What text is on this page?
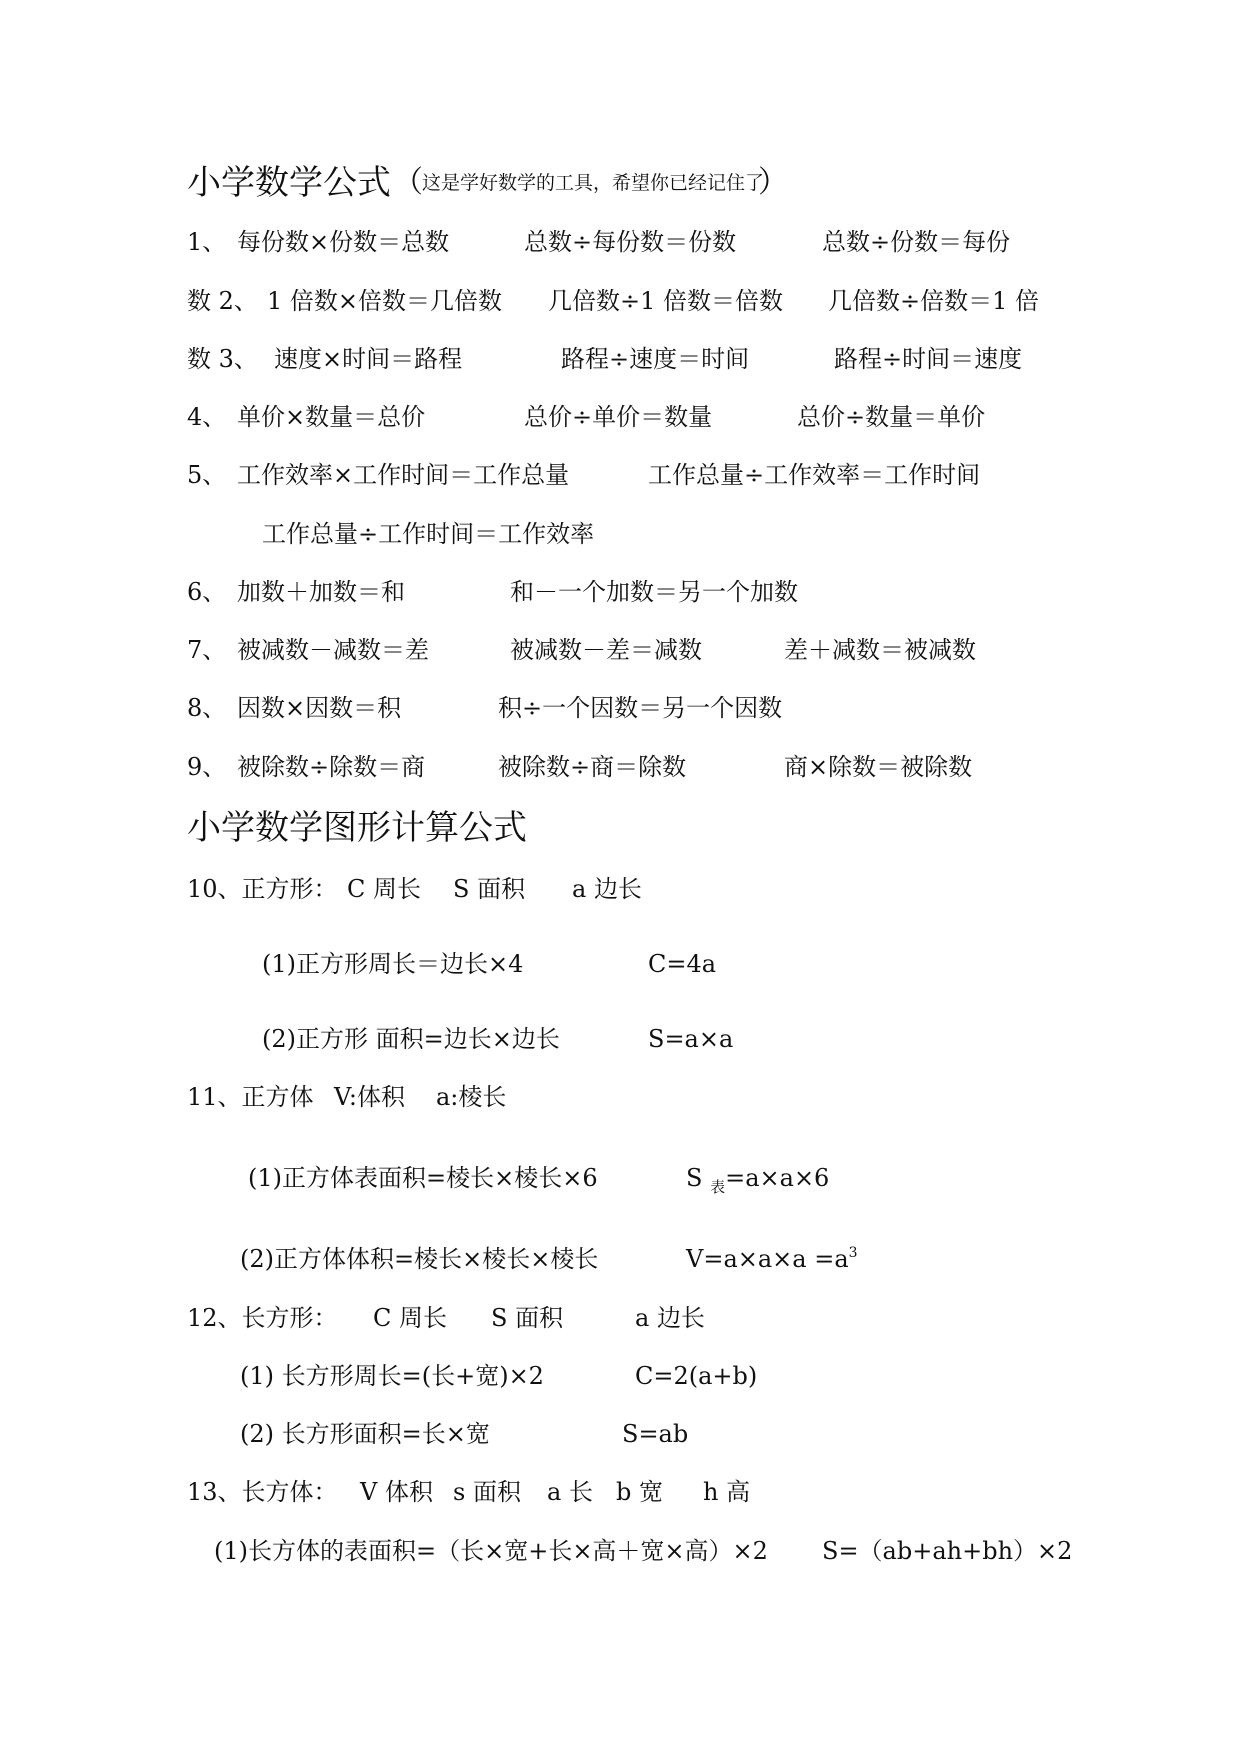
小学数学公式 （ 这是学好数学的工具，希望你已经记住了
）
1、 每份数×份数＝总数	总数÷每份数＝份数	总数÷份数＝每份
数 2、 1 倍数×倍数＝几倍数 几倍数÷1 倍数＝倍数 几倍数÷倍数＝1 倍
数 3、 速度×时间＝路程	路程÷速度＝时间	路程÷时间＝速度
4、 单价×数量＝总价	总价÷单价＝数量	总价÷数量＝单价
5、 工作效率×工作时间＝工作总量	工作总量÷工作效率＝工作时间
工作总量÷工作时间＝工作效率
6、 加数＋加数＝和	和－一个加数＝另一个加数
7、 被减数－减数＝差	被减数－差＝减数	差＋减数＝被减数
8、 因数×因数＝积	积÷一个因数＝另一个因数
9、 被除数÷除数＝商	被除数÷商＝除数	商×除数＝被除数
小学数学图形计算公式
10、正方形： C 周长 S 面积 a 边长
(1)正方形周长＝边长×4	C=4a
(2)正方形 面积=边长×边长	S=a×a
11、正方体 V:体积 a:棱长
(1)正方体表面积=棱长×棱长×6	S $_表$=a×a×6
(2)正方体体积=棱长×棱长×棱长	$V=a\times a\times a =a^3$
12、长方形： C 周长 S 面积	a 边长
(1) 长方形周长=(长+宽)×2	C=2(a+b)
(2) 长方形面积=长×宽	S=ab
13、长方体： V 体积 s 面积 a 长 b 宽 h 高
(1)长方体的表面积=（长×宽+长×高＋宽×高）×2 S=（ab+ah+bh）×2
